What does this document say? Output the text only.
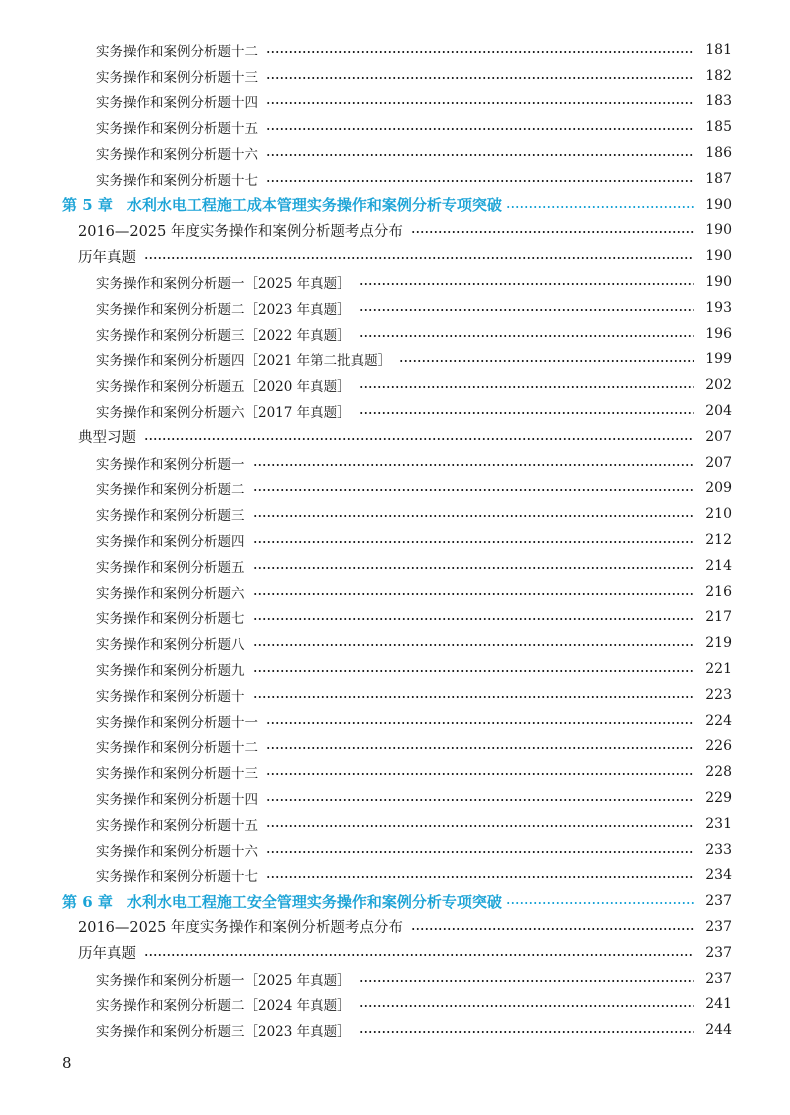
实务操作和案例分析题十二	181
实务操作和案例分析题十三	182
实务操作和案例分析题十四	183
实务操作和案例分析题十五	185
实务操作和案例分析题十六	186
实务操作和案例分析题十七	187
第 5 章 水利水电工程施工成本管理实务操作和案例分析专项突破	190
2016—2025 年度实务操作和案例分析题考点分布	190
历年真题	190
实务操作和案例分析题一［2025 年真题］	190
实务操作和案例分析题二［2023 年真题］	193
实务操作和案例分析题三［2022 年真题］	196
实务操作和案例分析题四［2021 年第二批真题］	199
实务操作和案例分析题五［2020 年真题］	202
实务操作和案例分析题六［2017 年真题］	204
典型习题	207
实务操作和案例分析题一	207
实务操作和案例分析题二	209
实务操作和案例分析题三	210
实务操作和案例分析题四	212
实务操作和案例分析题五	214
实务操作和案例分析题六	216
实务操作和案例分析题七	217
实务操作和案例分析题八	219
实务操作和案例分析题九	221
实务操作和案例分析题十	223
实务操作和案例分析题十一	224
实务操作和案例分析题十二	226
实务操作和案例分析题十三	228
实务操作和案例分析题十四	229
实务操作和案例分析题十五	231
实务操作和案例分析题十六	233
实务操作和案例分析题十七	234
第 6 章 水利水电工程施工安全管理实务操作和案例分析专项突破	237
2016—2025 年度实务操作和案例分析题考点分布	237
历年真题	237
实务操作和案例分析题一［2025 年真题］	237
实务操作和案例分析题二［2024 年真题］	241
实务操作和案例分析题三［2023 年真题］	244
8
